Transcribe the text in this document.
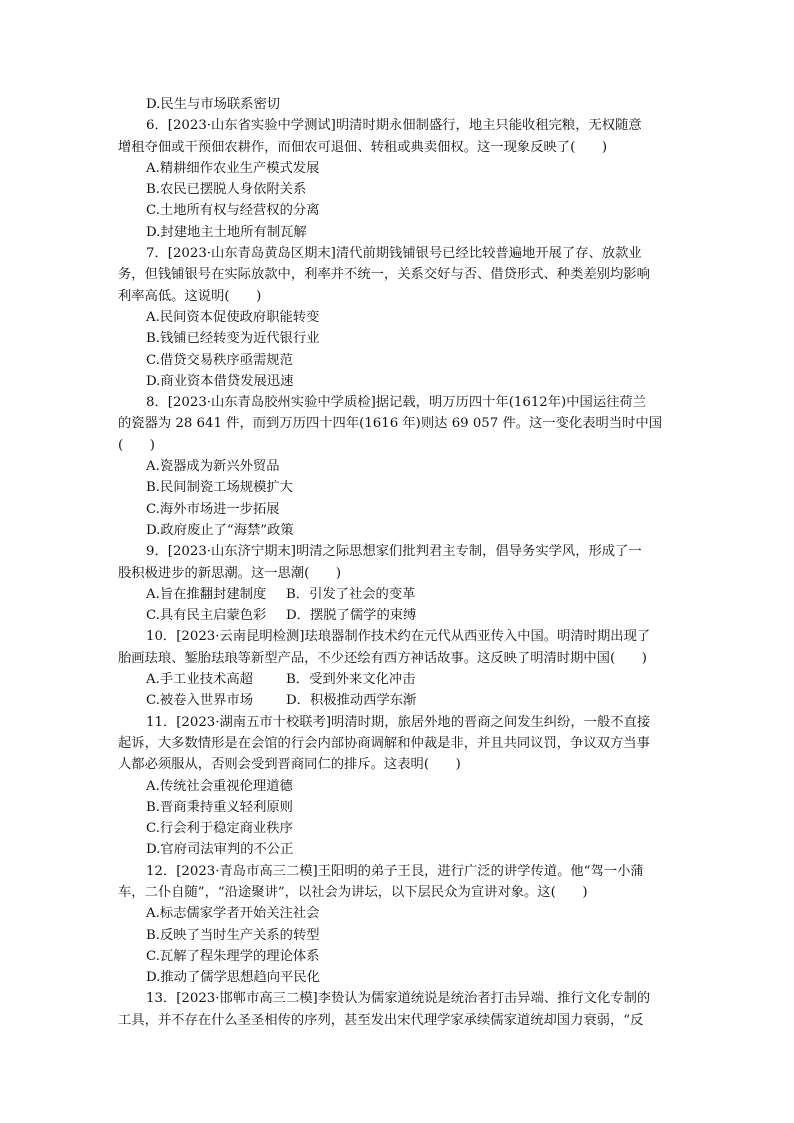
D.民生与市场联系密切
6．[2023·山东省实验中学测试]明清时期永佃制盛行，地主只能收租完粮，无权随意
增租夺佃或干预佃农耕作，而佃农可退佃、转租或典卖佃权。这一现象反映了(　　)
A.精耕细作农业生产模式发展
B.农民已摆脱人身依附关系
C.土地所有权与经营权的分离
D.封建地主土地所有制瓦解
7．[2023·山东青岛黄岛区期末]清代前期钱铺银号已经比较普遍地开展了存、放款业
务，但钱铺银号在实际放款中，利率并不统一，关系交好与否、借贷形式、种类差别均影响
利率高低。这说明(　　)
A.民间资本促使政府职能转变
B.钱铺已经转变为近代银行业
C.借贷交易秩序亟需规范
D.商业资本借贷发展迅速
8．[2023·山东青岛胶州实验中学质检]据记载，明万历四十年(1612年)中国运往荷兰
的瓷器为 28 641 件，而到万历四十四年(1616 年)则达 69 057 件。这一变化表明当时中国
(　　)
A.瓷器成为新兴外贸品
B.民间制瓷工场规模扩大
C.海外市场进一步拓展
D.政府废止了“海禁”政策
9．[2023·山东济宁期末]明清之际思想家们批判君主专制，倡导务实学风，形成了一
股积极进步的新思潮。这一思潮(　　)
A.旨在推翻封建制度	B．引发了社会的变革
C.具有民主启蒙色彩	D．摆脱了儒学的束缚
10．[2023·云南昆明检测]珐琅器制作技术约在元代从西亚传入中国。明清时期出现了
胎画珐琅、錾胎珐琅等新型产品，不少还绘有西方神话故事。这反映了明清时期中国(　　)
A.手工业技术高超	B．受到外来文化冲击
C.被卷入世界市场	D．积极推动西学东渐
11．[2023·湖南五市十校联考]明清时期，旅居外地的晋商之间发生纠纷，一般不直接
起诉，大多数情形是在会馆的行会内部协商调解和仲裁是非，并且共同议罚，争议双方当事
人都必须服从，否则会受到晋商同仁的排斥。这表明(　　)
A.传统社会重视伦理道德
B.晋商秉持重义轻利原则
C.行会利于稳定商业秩序
D.官府司法审判的不公正
12．[2023·青岛市高三二模]王阳明的弟子王艮，进行广泛的讲学传道。他“驾一小蒲
车，二仆自随”，“沿途聚讲”，以社会为讲坛，以下层民众为宣讲对象。这(　　)
A.标志儒家学者开始关注社会
B.反映了当时生产关系的转型
C.瓦解了程朱理学的理论体系
D.推动了儒学思想趋向平民化
13．[2023·邯郸市高三二模]李贽认为儒家道统说是统治者打击异端、推行文化专制的
工具，并不存在什么圣圣相传的序列，甚至发出宋代理学家承续儒家道统却国力衰弱，“反
